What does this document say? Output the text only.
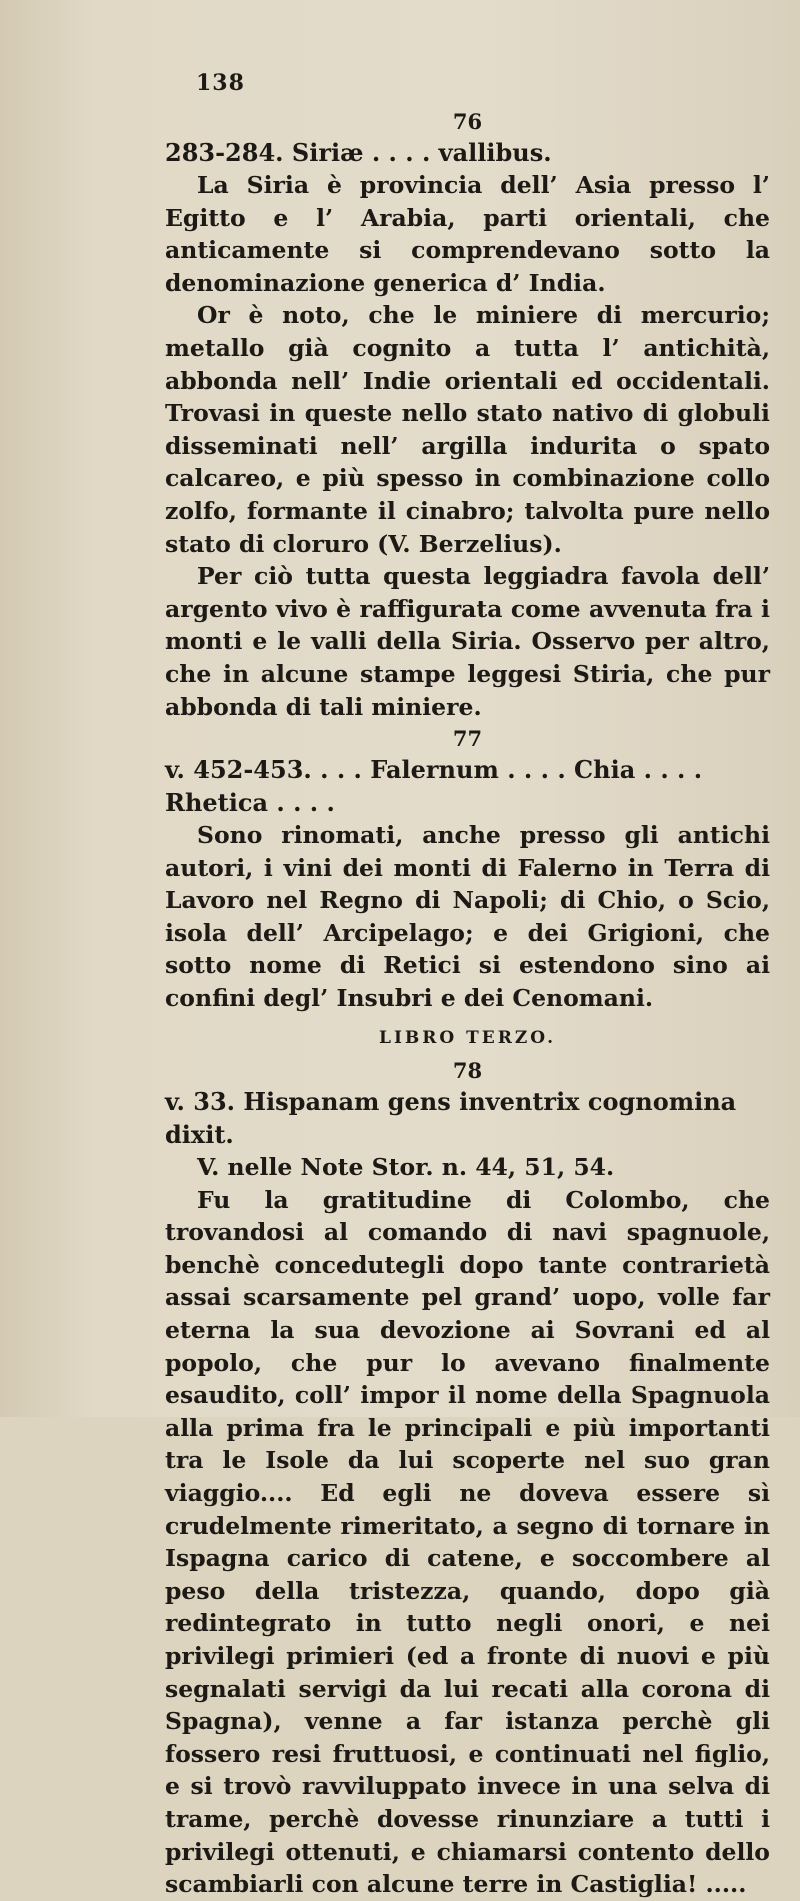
138
76
283-284. Siriæ . . . . vallibus.

La Siria è provincia dell’ Asia presso l’ Egitto e l’ Arabia, parti orientali, che anticamente si comprendevano sotto la denominazione generica d’ India.

Or è noto, che le miniere di mercurio; metallo già cognito a tutta l’ antichità, abbonda nell’ Indie orientali ed occidentali. Trovasi in queste nello stato nativo di globuli disseminati nell’ argilla indurita o spato calcareo, e più spesso in combinazione collo zolfo, formante il cinabro; talvolta pure nello stato di cloruro (V. Berzelius).

Per ciò tutta questa leggiadra favola dell’ argento vivo è raffigurata come avvenuta fra i monti e le valli della Siria. Osservo per altro, che in alcune stampe leggesi Stiria, che pur abbonda di tali miniere.

77
v. 452-453. . . . Falernum . . . . Chia . . . . Rhetica . . . .

Sono rinomati, anche presso gli antichi autori, i vini dei monti di Falerno in Terra di Lavoro nel Regno di Napoli; di Chio, o Scio, isola dell’ Arcipelago; e dei Grigioni, che sotto nome di Retici si estendono sino ai confini degl’ Insubri e dei Cenomani.

LIBRO TERZO.
78
v. 33. Hispanam gens inventrix cognomina dixit.
V. nelle Note Stor. n. 44, 51, 54.

Fu la gratitudine di Colombo, che trovandosi al comando di navi spagnuole, benchè concedutegli dopo tante contrarietà assai scarsamente pel grand’ uopo, volle far eterna la sua devozione ai Sovrani ed al popolo, che pur lo avevano finalmente esaudito, coll’ impor il nome della Spagnuola alla prima fra le principali e più importanti tra le Isole da lui scoperte nel suo gran viaggio.... Ed egli ne doveva essere sì crudelmente rimeritato, a segno di tornare in Ispagna carico di catene, e soccombere al peso della tristezza, quando, dopo già redintegrato in tutto negli onori, e nei privilegi primieri (ed a fronte di nuovi e più segnalati servigi da lui recati alla corona di Spagna), venne a far istanza perchè gli fossero resi fruttuosi, e continuati nel figlio, e si trovò ravviluppato invece in una selva di trame, perchè dovesse rinunziare a tutti i privilegi ottenuti, e chiamarsi contento dello scambiarli con alcune terre in Castiglia! .....
